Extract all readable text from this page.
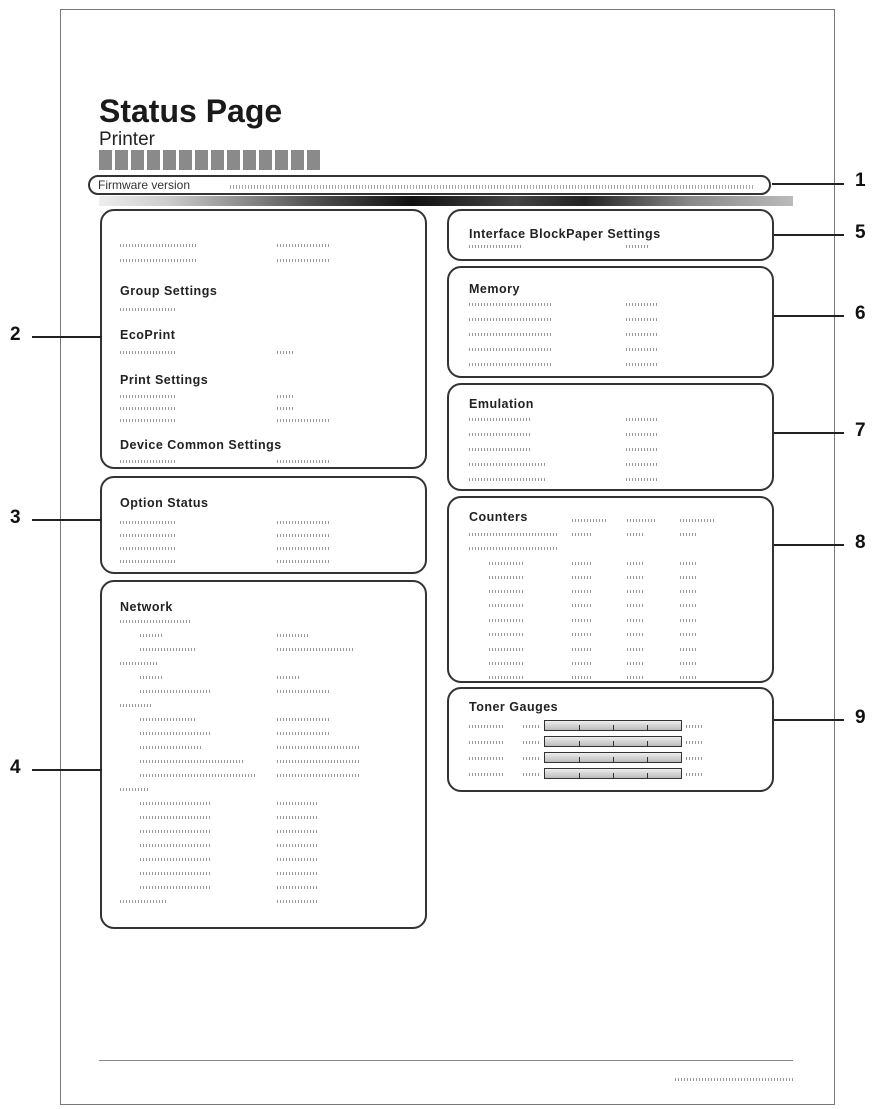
Status Page
Printer
Firmware version
Group Settings
EcoPrint
Print Settings
Device Common Settings
Option Status
Network
Interface BlockPaper Settings
Memory
Emulation
Counters
Toner Gauges
1
2
3
4
5
6
7
8
9
